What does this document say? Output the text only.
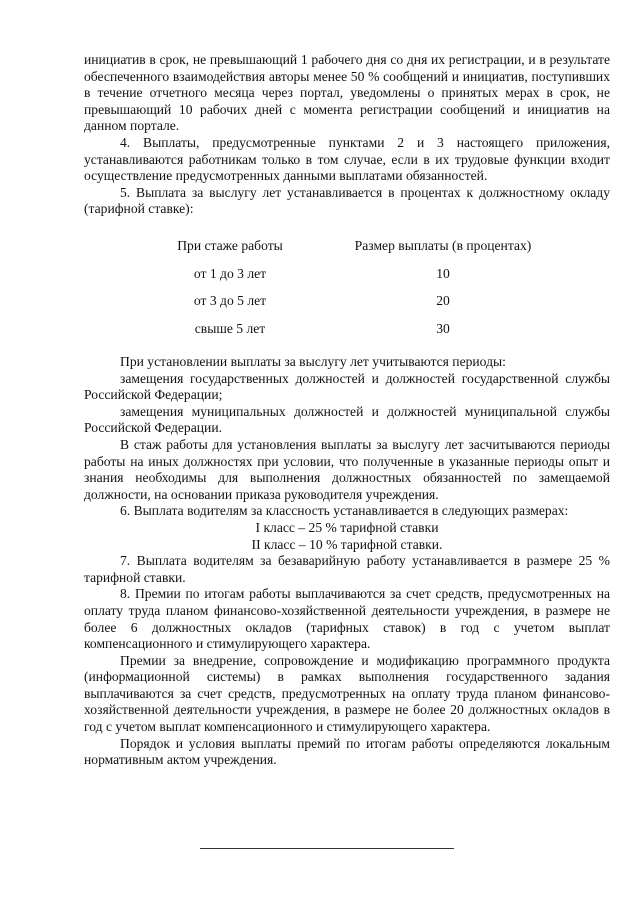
инициатив в срок, не превышающий 1 рабочего дня со дня их регистрации, и в результате обеспеченного взаимодействия авторы менее 50 % сообщений и инициатив, поступивших в течение отчетного месяца через портал, уведомлены о принятых мерах в срок, не превышающий 10 рабочих дней с момента регистрации сообщений и инициатив на данном портале.

4. Выплаты, предусмотренные пунктами 2 и 3 настоящего приложения, устанавливаются работникам только в том случае, если в их трудовые функции входит осуществление предусмотренных данными выплатами обязанностей.

5. Выплата за выслугу лет устанавливается в процентах к должностному окладу (тарифной ставке):

При стаже работы	Размер выплаты (в процентах)
от 1 до 3 лет	10
от 3 до 5 лет	20
свыше 5 лет	30

При установлении выплаты за выслугу лет учитываются периоды:

замещения государственных должностей и должностей государственной службы Российской Федерации;

замещения муниципальных должностей и должностей муниципальной службы Российской Федерации.

В стаж работы для установления выплаты за выслугу лет засчитываются периоды работы на иных должностях при условии, что полученные в указанные периоды опыт и знания необходимы для выполнения должностных обязанностей по замещаемой должности, на основании приказа руководителя учреждения.

6. Выплата водителям за классность устанавливается в следующих размерах:

I класс – 25 % тарифной ставки

II класс – 10 % тарифной ставки.

7. Выплата водителям за безаварийную работу устанавливается в размере 25 % тарифной ставки.

8. Премии по итогам работы выплачиваются за счет средств, предусмотренных на оплату труда планом финансово-хозяйственной деятельности учреждения, в размере не более 6 должностных окладов (тарифных ставок) в год с учетом выплат компенсационного и стимулирующего характера.

Премии за внедрение, сопровождение и модификацию программного продукта (информационной системы) в рамках выполнения государственного задания выплачиваются за счет средств, предусмотренных на оплату труда планом финансово-хозяйственной деятельности учреждения, в размере не более 20 должностных окладов в год с учетом выплат компенсационного и стимулирующего характера.

Порядок и условия выплаты премий по итогам работы определяются локальным нормативным актом учреждения.
